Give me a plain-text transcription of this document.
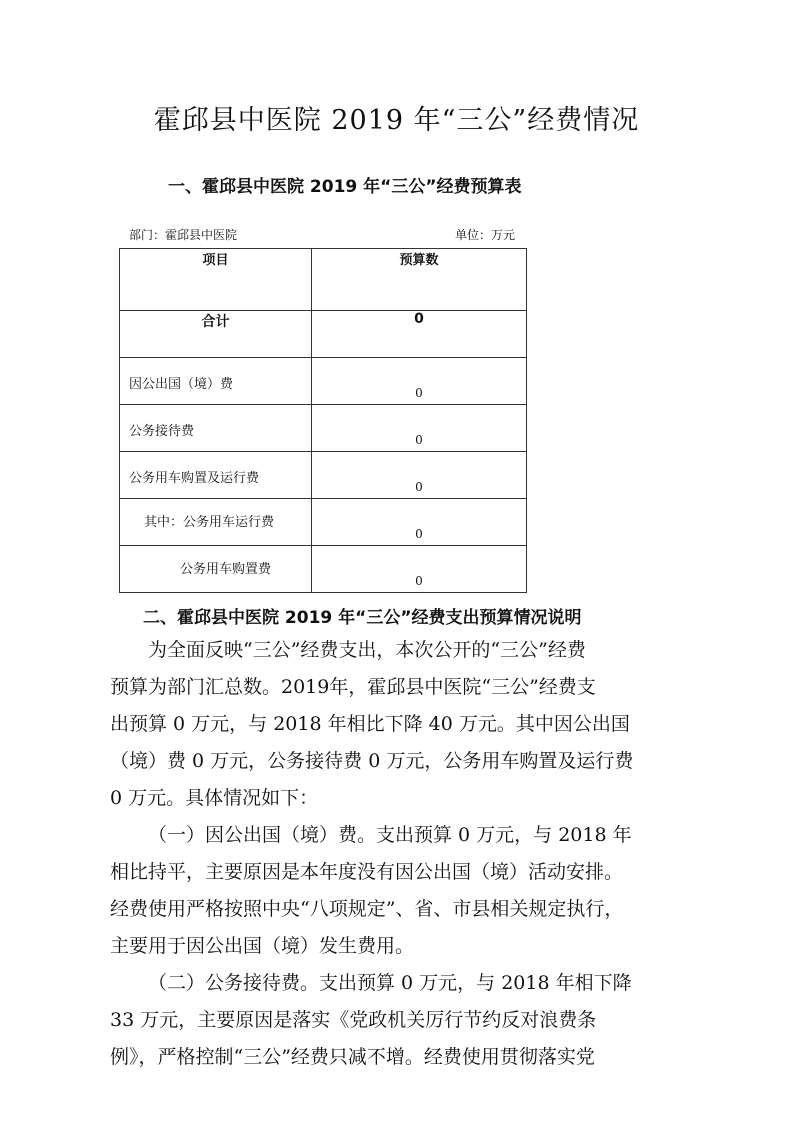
霍邱县中医院 2019 年“三公”经费情况
一、霍邱县中医院 2019 年“三公”经费预算表
部门：霍邱县中医院	单位：万元
项目	预算数
合计	0

因公出国（境）费	0

公务接待费	0

公务用车购置及运行费	0

其中：公务用车运行费	0

公务用车购置费	0
二、霍邱县中医院 2019 年“三公”经费支出预算情况说明

为全面反映“三公”经费支出，本次公开的“三公”经费
预算为部门汇总数。2019年，霍邱县中医院“三公”经费支
出预算 0 万元，与 2018 年相比下降 40 万元。其中因公出国
（境）费 0 万元，公务接待费 0 万元，公务用车购置及运行费
0 万元。具体情况如下：
（一）因公出国（境）费。支出预算 0 万元，与 2018 年
相比持平，主要原因是本年度没有因公出国（境）活动安排。
经费使用严格按照中央“八项规定”、省、市县相关规定执行，
主要用于因公出国（境）发生费用。
（二）公务接待费。支出预算 0 万元，与 2018 年相下降
33 万元，主要原因是落实《党政机关厉行节约反对浪费条
例》，严格控制“三公”经费只减不增。经费使用贯彻落实党
